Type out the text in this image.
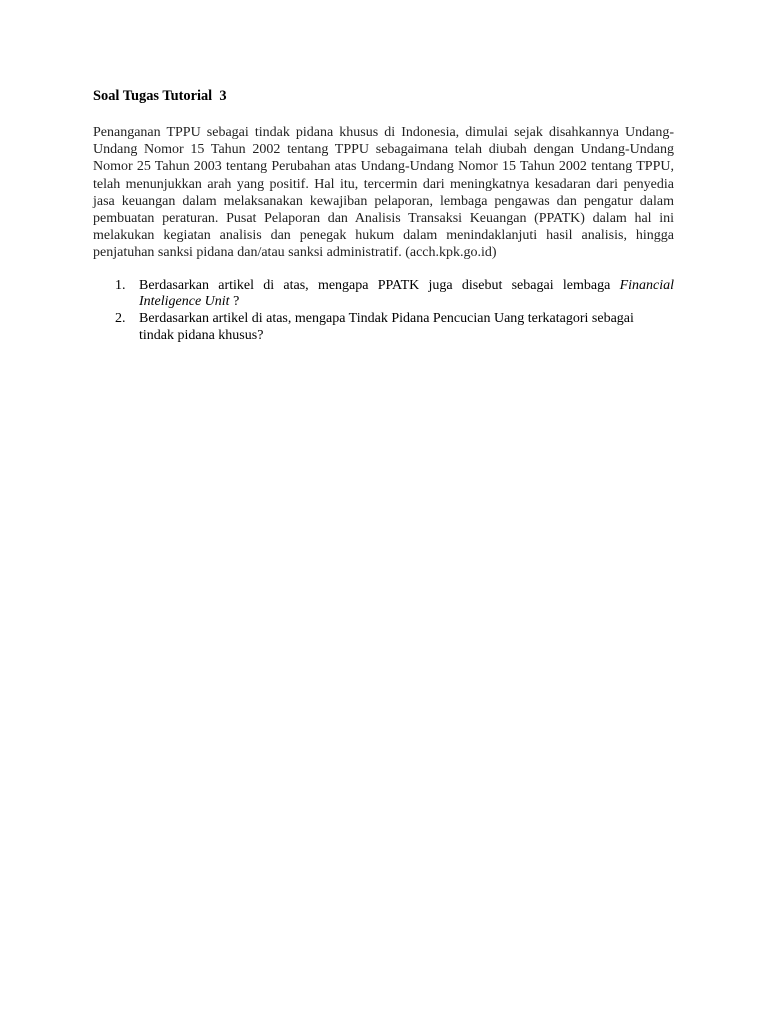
Soal Tugas Tutorial  3

Penanganan TPPU sebagai tindak pidana khusus di Indonesia, dimulai sejak disahkannya Undang-Undang Nomor 15 Tahun 2002 tentang TPPU sebagaimana telah diubah dengan Undang-Undang Nomor 25 Tahun 2003 tentang Perubahan atas Undang-Undang Nomor 15 Tahun 2002 tentang TPPU, telah menunjukkan arah yang positif. Hal itu, tercermin dari meningkatnya kesadaran dari penyedia jasa keuangan dalam melaksanakan kewajiban pelaporan, lembaga pengawas dan pengatur dalam pembuatan peraturan. Pusat Pelaporan dan Analisis Transaksi Keuangan (PPATK) dalam hal ini melakukan kegiatan analisis dan penegak hukum dalam menindaklanjuti hasil analisis, hingga penjatuhan sanksi pidana dan/atau sanksi administratif. (acch.kpk.go.id)

1. Berdasarkan artikel di atas, mengapa PPATK juga disebut sebagai lembaga Financial Inteligence Unit ?
2. Berdasarkan artikel di atas, mengapa Tindak Pidana Pencucian Uang terkatagori sebagai tindak pidana khusus?
